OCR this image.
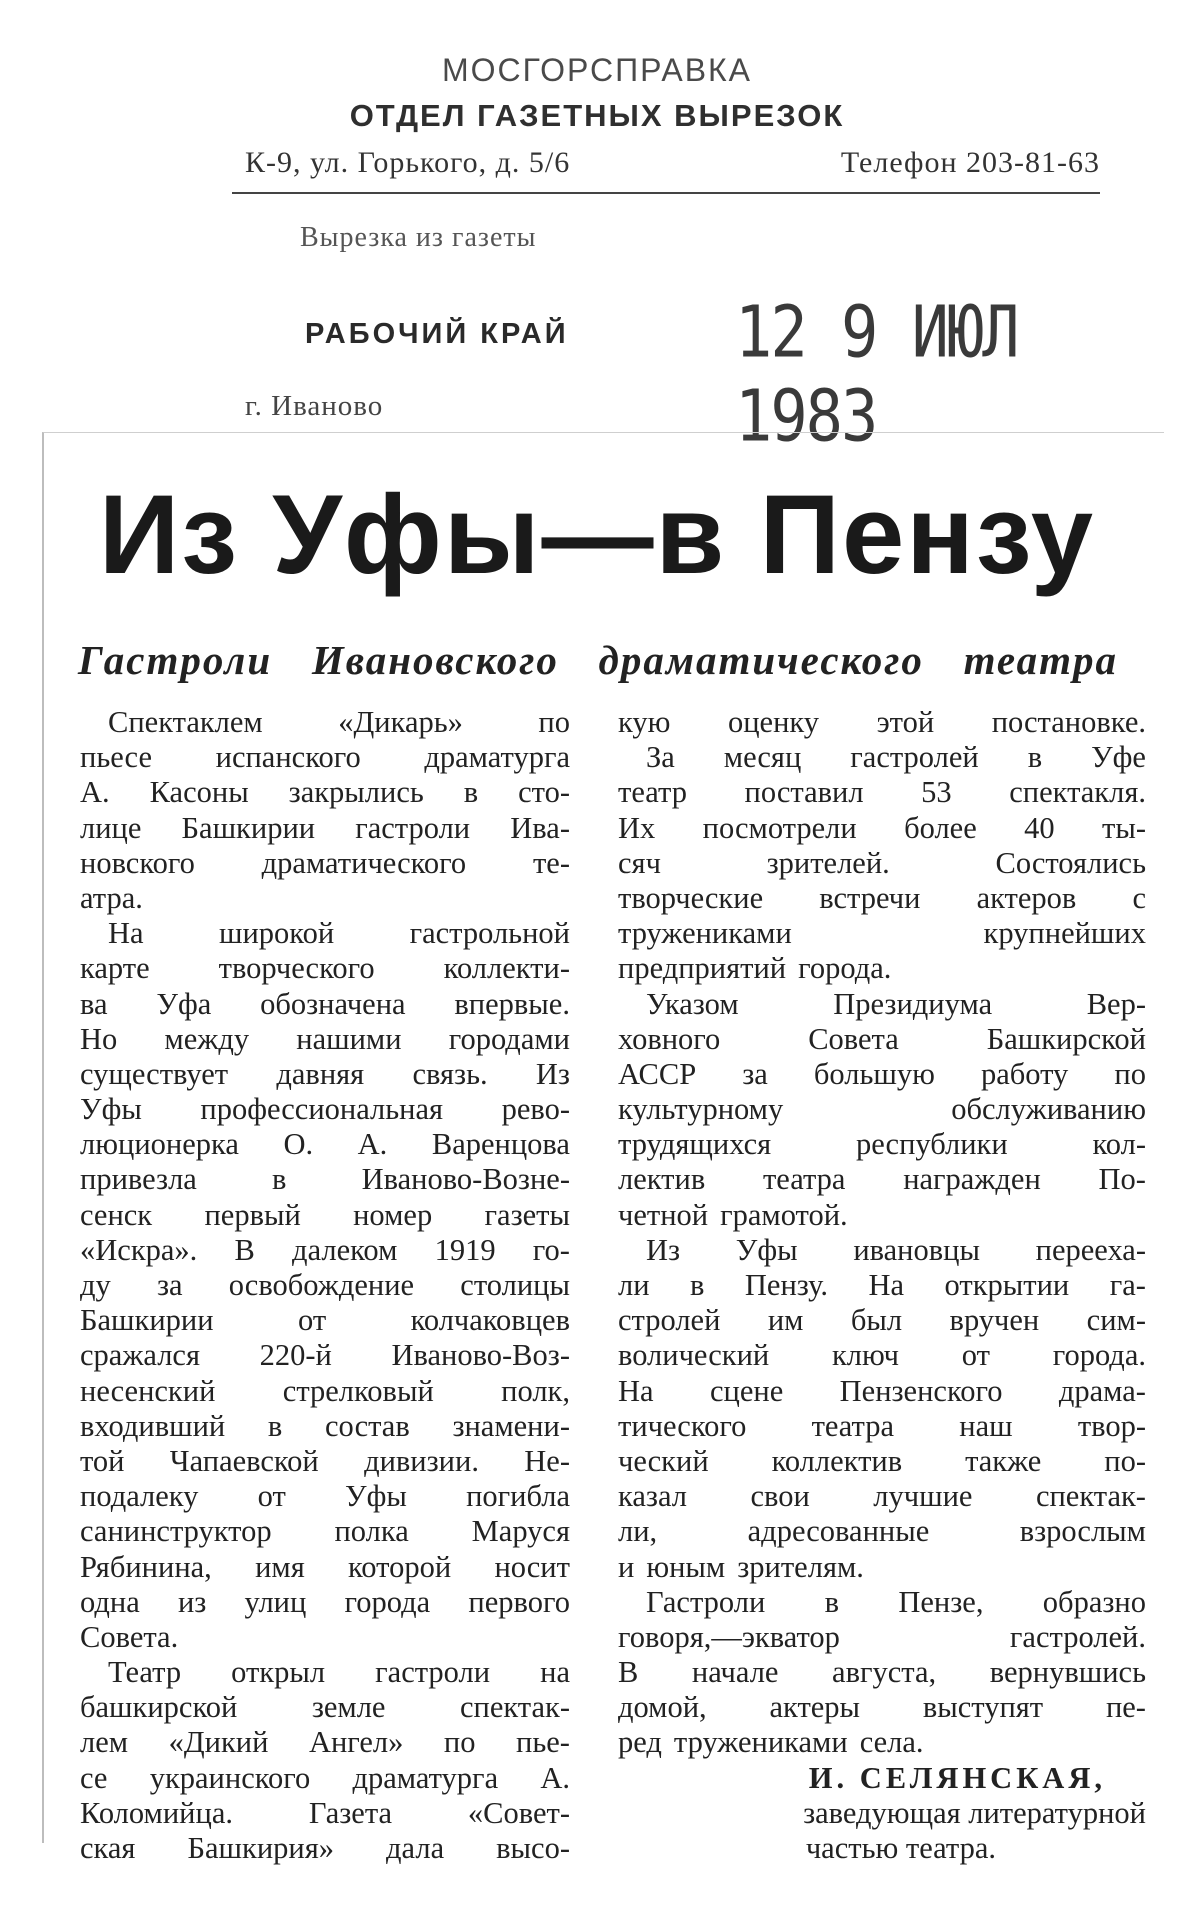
МОСГОРСПРАВКА
ОТДЕЛ ГАЗЕТНЫХ ВЫРЕЗОК
К-9, ул. Горького, д. 5/6	Телефон 203-81-63
Вырезка из газеты
РАБОЧИЙ КРАЙ	12 9 ИЮЛ 1983
г. Иваново
Из Уфы—в Пензу
Гастроли Ивановского драматического театра
Спектаклем «Дикарь» по
пьесе испанского драматурга
А. Касоны закрылись в сто-
лице Башкирии гастроли Ива-
новского драматического те-
атра.
На широкой гастрольной
карте творческого коллекти-
ва Уфа обозначена впервые.
Но между нашими городами
существует давняя связь. Из
Уфы профессиональная рево-
люционерка О. А. Варенцова
привезла в Иваново-Возне-
сенск первый номер газеты
«Искра». В далеком 1919 го-
ду за освобождение столицы
Башкирии	от	колчаковцев
сражался 220-й Иваново-Воз-
несенский стрелковый полк,
входивший в состав знамени-
той Чапаевской дивизии. Не-
подалеку от Уфы погибла
санинструктор полка Маруся
Рябинина, имя которой носит
одна из улиц города первого
Совета.
Театр открыл гастроли на
башкирской земле спектак-
лем «Дикий Ангел» по пье-
се украинского драматурга А.
Коломийца. Газета «Совет-
ская Башкирия» дала высо-
кую оценку этой постановке.
За месяц гастролей в Уфе
театр поставил 53 спектакля.
Их посмотрели более 40 ты-
сяч	зрителей.	Состоялись
творческие встречи актеров с
тружениками	крупнейших
предприятий города.
Указом	Президиума	Вер-
ховного	Совета	Башкирской
АССР за большую работу по
культурному	обслуживанию
трудящихся	республики	кол-
лектив театра награжден По-
четной грамотой.
Из Уфы ивановцы перееха-
ли в Пензу. На открытии га-
стролей им был вручен сим-
волический ключ от города.
На сцене Пензенского драма-
тического театра наш твор-
ческий коллектив также по-
казал свои лучшие спектак-
ли,	адресованные	взрослым
и юным зрителям.
Гастроли в Пензе, образно
говоря,—экватор	гастролей.
В начале августа, вернувшись
домой, актеры выступят пе-
ред тружениками села.
И. СЕЛЯНСКАЯ,
заведующая литературной
частью театра.
